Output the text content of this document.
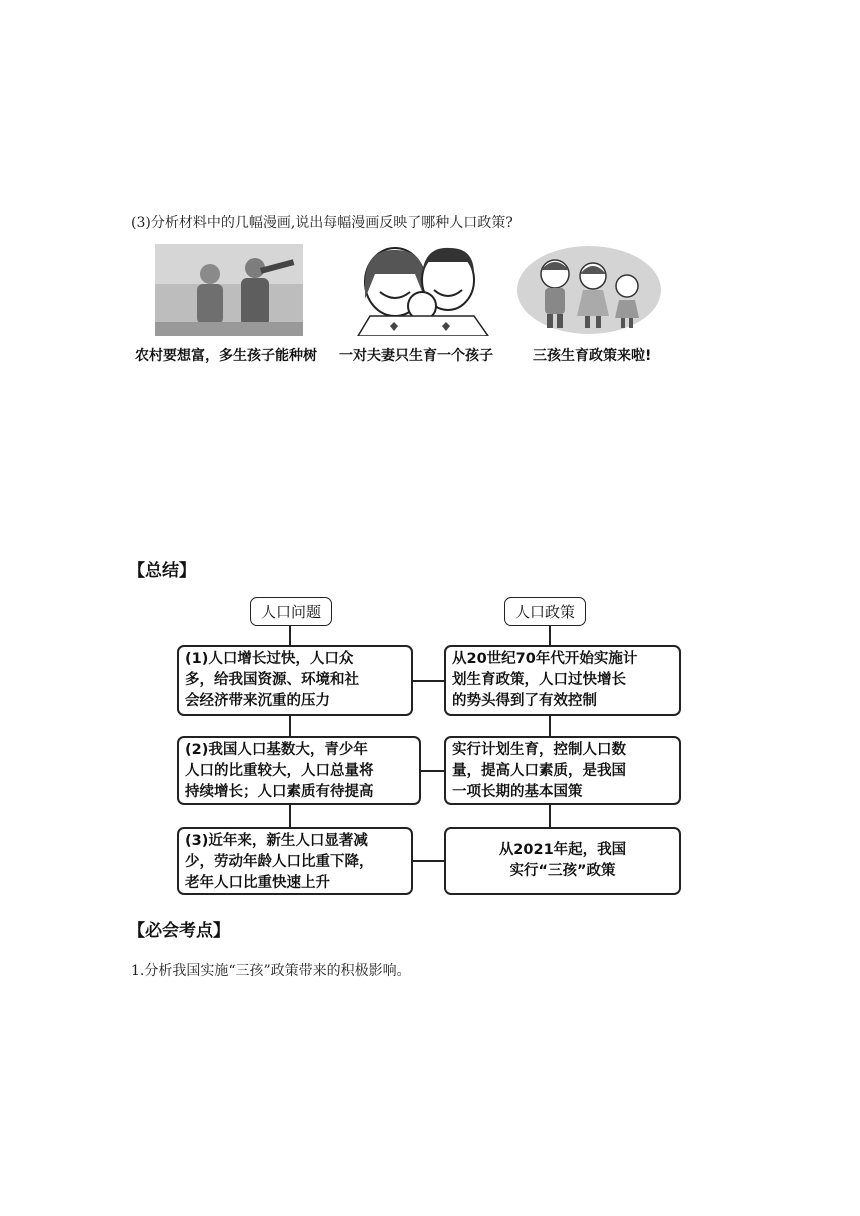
(3)分析材料中的几幅漫画,说出每幅漫画反映了哪种人口政策?
农村要想富，多生孩子能种树 一对夫妻只生育一个孩子	三孩生育政策来啦!
【总结】
人口问题	人口政策
(1)人口增长过快，人口众
多，给我国资源、环境和社
会经济带来沉重的压力
(2)我国人口基数大，青少年
人口的比重较大，人口总量将
持续增长；人口素质有待提高
(3)近年来，新生人口显著减
少，劳动年龄人口比重下降，
老年人口比重快速上升
从20世纪70年代开始实施计
划生育政策，人口过快增长
的势头得到了有效控制
实行计划生育，控制人口数
量，提高人口素质，是我国
一项长期的基本国策
从2021年起，我国
实行“三孩”政策
【必会考点】
1.分析我国实施“三孩”政策带来的积极影响。
